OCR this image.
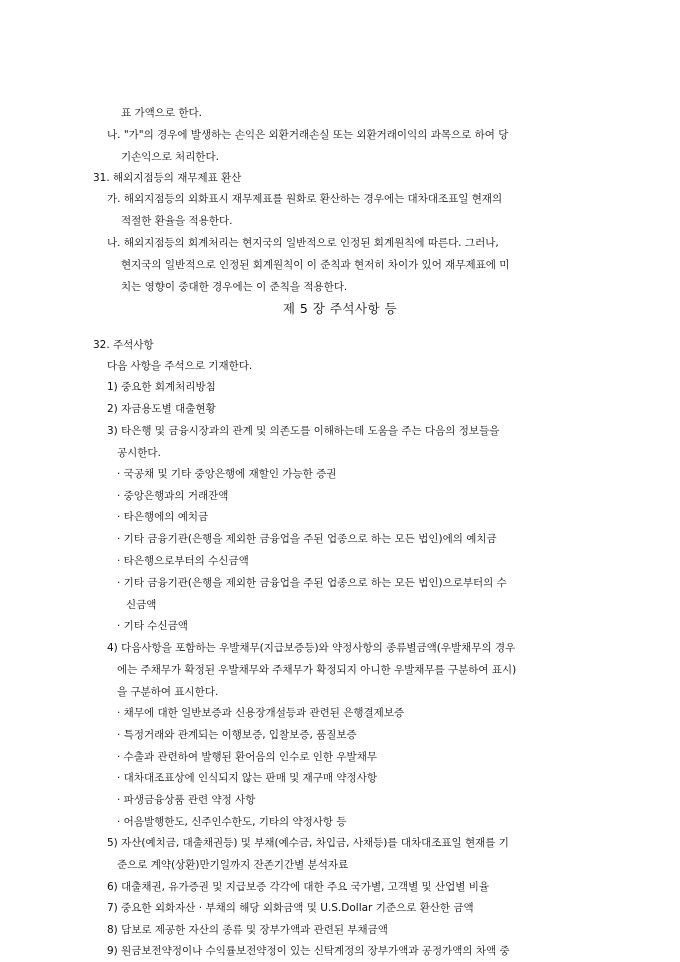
표 가액으로 한다.
나. "가"의 경우에 발생하는 손익은 외환거래손실 또는 외환거래이익의 과목으로 하여 당
기손익으로 처리한다.
31. 해외지점등의 재무제표 환산
가. 해외지점등의 외화표시 재무제표를 원화로 환산하는 경우에는 대차대조표일 현재의
적절한 환율을 적용한다.
나. 해외지점등의 회계처리는 현지국의 일반적으로 인정된 회계원칙에 따른다. 그러나,
현지국의 일반적으로 인정된 회계원칙이 이 준칙과 현저히 차이가 있어 재무제표에 미
치는 영향이 중대한 경우에는 이 준칙을 적용한다.
제 5 장 주석사항 등
32. 주석사항
다음 사항을 주석으로 기재한다.
1) 중요한 회계처리방침
2) 자금용도별 대출현황
3) 타은행 및 금융시장과의 관계 및 의존도를 이해하는데 도움을 주는 다음의 정보들을
공시한다.
· 국공채 및 기타 중앙은행에 재할인 가능한 증권
· 중앙은행과의 거래잔액
· 타은행에의 예치금
· 기타 금융기관(은행을 제외한 금융업을 주된 업종으로 하는 모든 법인)에의 예치금
· 타은행으로부터의 수신금액
· 기타 금융기관(은행을 제외한 금융업을 주된 업종으로 하는 모든 법인)으로부터의 수
신금액
· 기타 수신금액
4) 다음사항을 포함하는 우발채무(지급보증등)와 약정사항의 종류별금액(우발채무의 경우
에는 주채무가 확정된 우발채무와 주채무가 확정되지 아니한 우발채무를 구분하여 표시)
을 구분하여 표시한다.
· 채무에 대한 일반보증과 신용장개설등과 관련된 은행결제보증
· 특정거래와 관계되는 이행보증, 입찰보증, 품질보증
· 수출과 관련하여 발행된 환어음의 인수로 인한 우발채무
· 대차대조표상에 인식되지 않는 판매 및 재구매 약정사항
· 파생금융상품 관련 약정 사항
· 어음발행한도, 신주인수한도, 기타의 약정사항 등
5) 자산(예치금, 대출채권등) 및 부채(예수금, 차입금, 사채등)를 대차대조표일 현재를 기
준으로 계약(상환)만기일까지 잔존기간별 분석자료
6) 대출채권, 유가증권 및 지급보증 각각에 대한 주요 국가별, 고객별 및 산업별 비율
7) 중요한 외화자산 · 부채의 해당 외화금액 및 U.S.Dollar 기준으로 환산한 금액
8) 담보로 제공한 자산의 종류 및 장부가액과 관련된 부채금액
9) 원금보전약정이나 수익률보전약정이 있는 신탁계정의 장부가액과 공정가액의 차액 중
